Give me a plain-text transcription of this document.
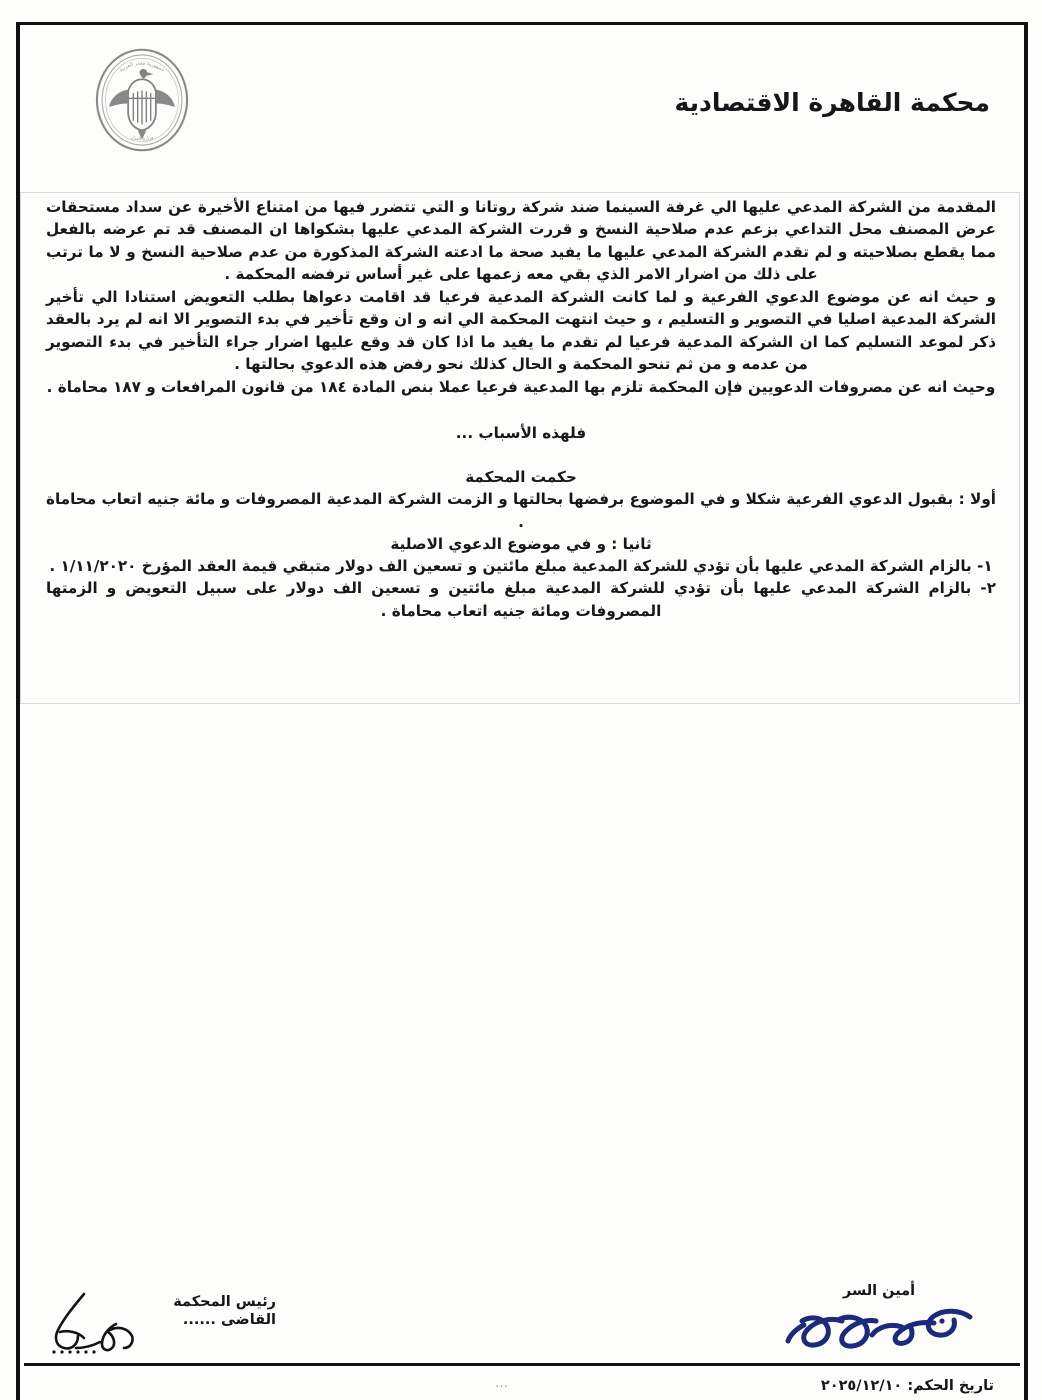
جمهورية مصر العربية
وزارة العدل
محكمة القاهرة الاقتصادية

المقدمة من الشركة المدعي عليها الي غرفة السينما ضند شركة روتانا و التي تتضرر فيها من امتناع الأخيرة عن سداد مستحقات عرض المصنف محل التداعي بزعم عدم صلاحية النسخ و قررت الشركة المدعي عليها بشكواها ان المصنف قد تم عرضه بالفعل مما يقطع بصلاحيته و لم تقدم الشركة المدعي عليها ما يفيد صحة ما ادعته الشركة المذكورة من عدم صلاحية النسخ و لا ما ترتب على ذلك من اضرار الامر الذي بقي معه زعمها على غير أساس ترفضه المحكمة .

و حيث انه عن موضوع الدعوي الفرعية و لما كانت الشركة المدعية فرعيا قد اقامت دعواها بطلب التعويض استنادا الي تأخير الشركة المدعية اصليا في التصوير و التسليم ، و حيث انتهت المحكمة الي انه و ان وقع تأخير في بدء التصوير الا انه لم يرد بالعقد ذكر لموعد التسليم كما ان الشركة المدعية فرعيا لم تقدم ما يفيد ما اذا كان قد وقع عليها اضرار جراء التأخير في بدء التصوير من عدمه و من ثم تنحو المحكمة و الحال كذلك نحو رفض هذه الدعوي بحالتها .

وحيث انه عن مصروفات الدعويين فإن المحكمة تلزم بها المدعية فرعيا عملا بنص المادة ١٨٤ من قانون المرافعات و ١٨٧ محاماة .

فلهذه الأسباب ...

حكمت المحكمة

أولا : بقبول الدعوي الفرعية شكلا و في الموضوع برفضها بحالتها و الزمت الشركة المدعية المصروفات و مائة جنيه اتعاب محاماة .

ثانيا : و في موضوع الدعوي الاصلية

١- بالزام الشركة المدعي عليها بأن تؤدي للشركة المدعية مبلغ مائتين و تسعين الف دولار متبقي قيمة العقد المؤرخ ١/١١/٢٠٢٠ .

٢- بالزام الشركة المدعي عليها بأن تؤدي للشركة المدعية مبلغ مائتين و تسعين الف دولار على سبيل التعويض و الزمتها المصروفات ومائة جنيه اتعاب محاماة .

أمين السر
رئيس المحكمة
القاضى ......
…	تاريخ الحكم: ٢٠٢٥/١٢/١٠
